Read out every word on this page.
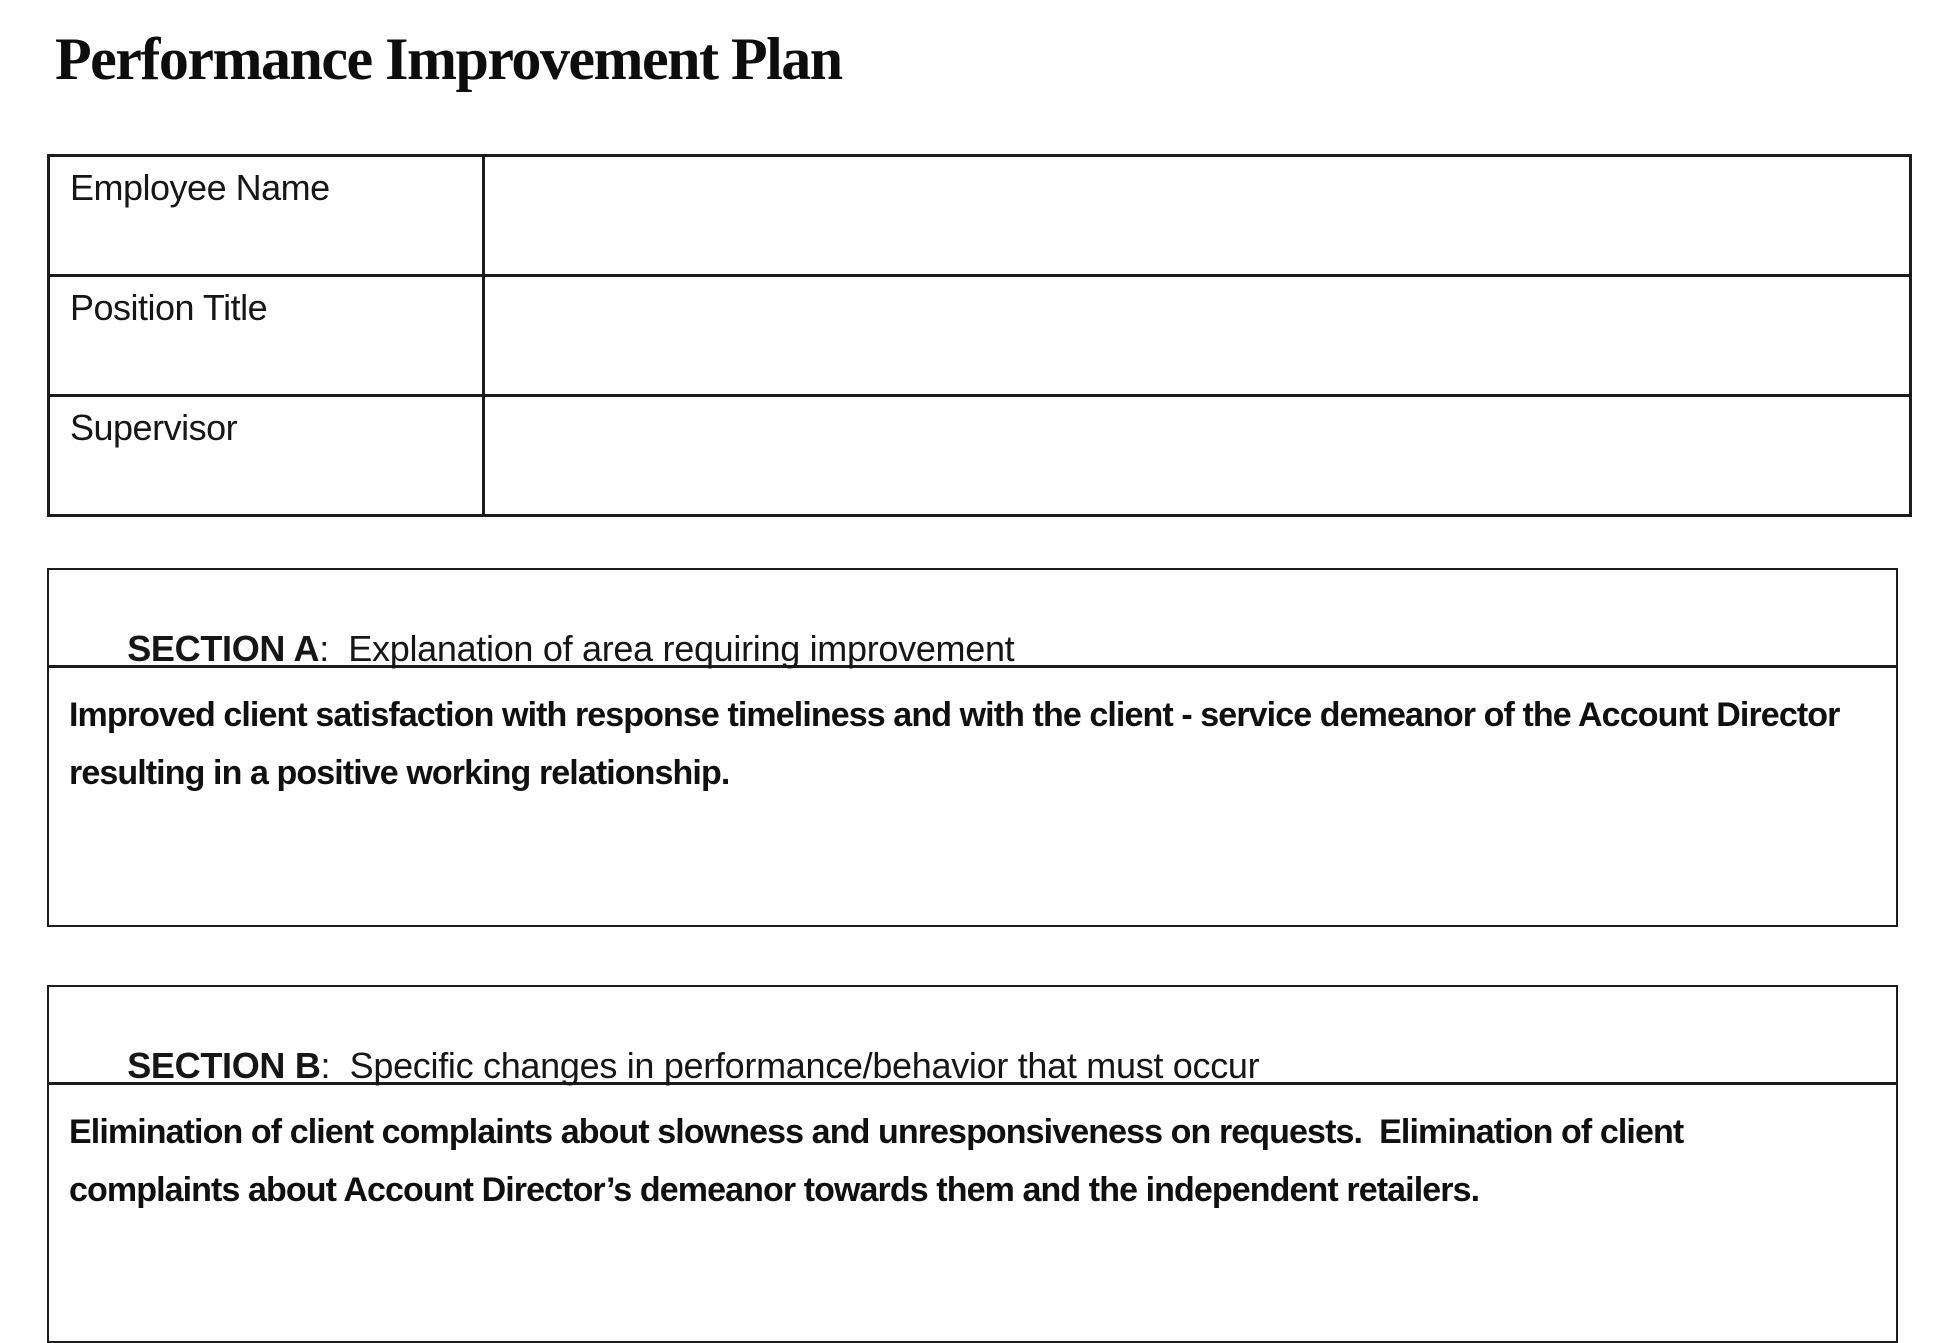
Performance Improvement Plan
Employee Name	
Position Title	
Supervisor	

SECTION A:  Explanation of area requiring improvement

Improved client satisfaction with response timeliness and with the client - service demeanor of the Account Director resulting in a positive working relationship.

SECTION B:  Specific changes in performance/behavior that must occur

Elimination of client complaints about slowness and unresponsiveness on requests.  Elimination of client complaints about Account Director’s demeanor towards them and the independent retailers.
